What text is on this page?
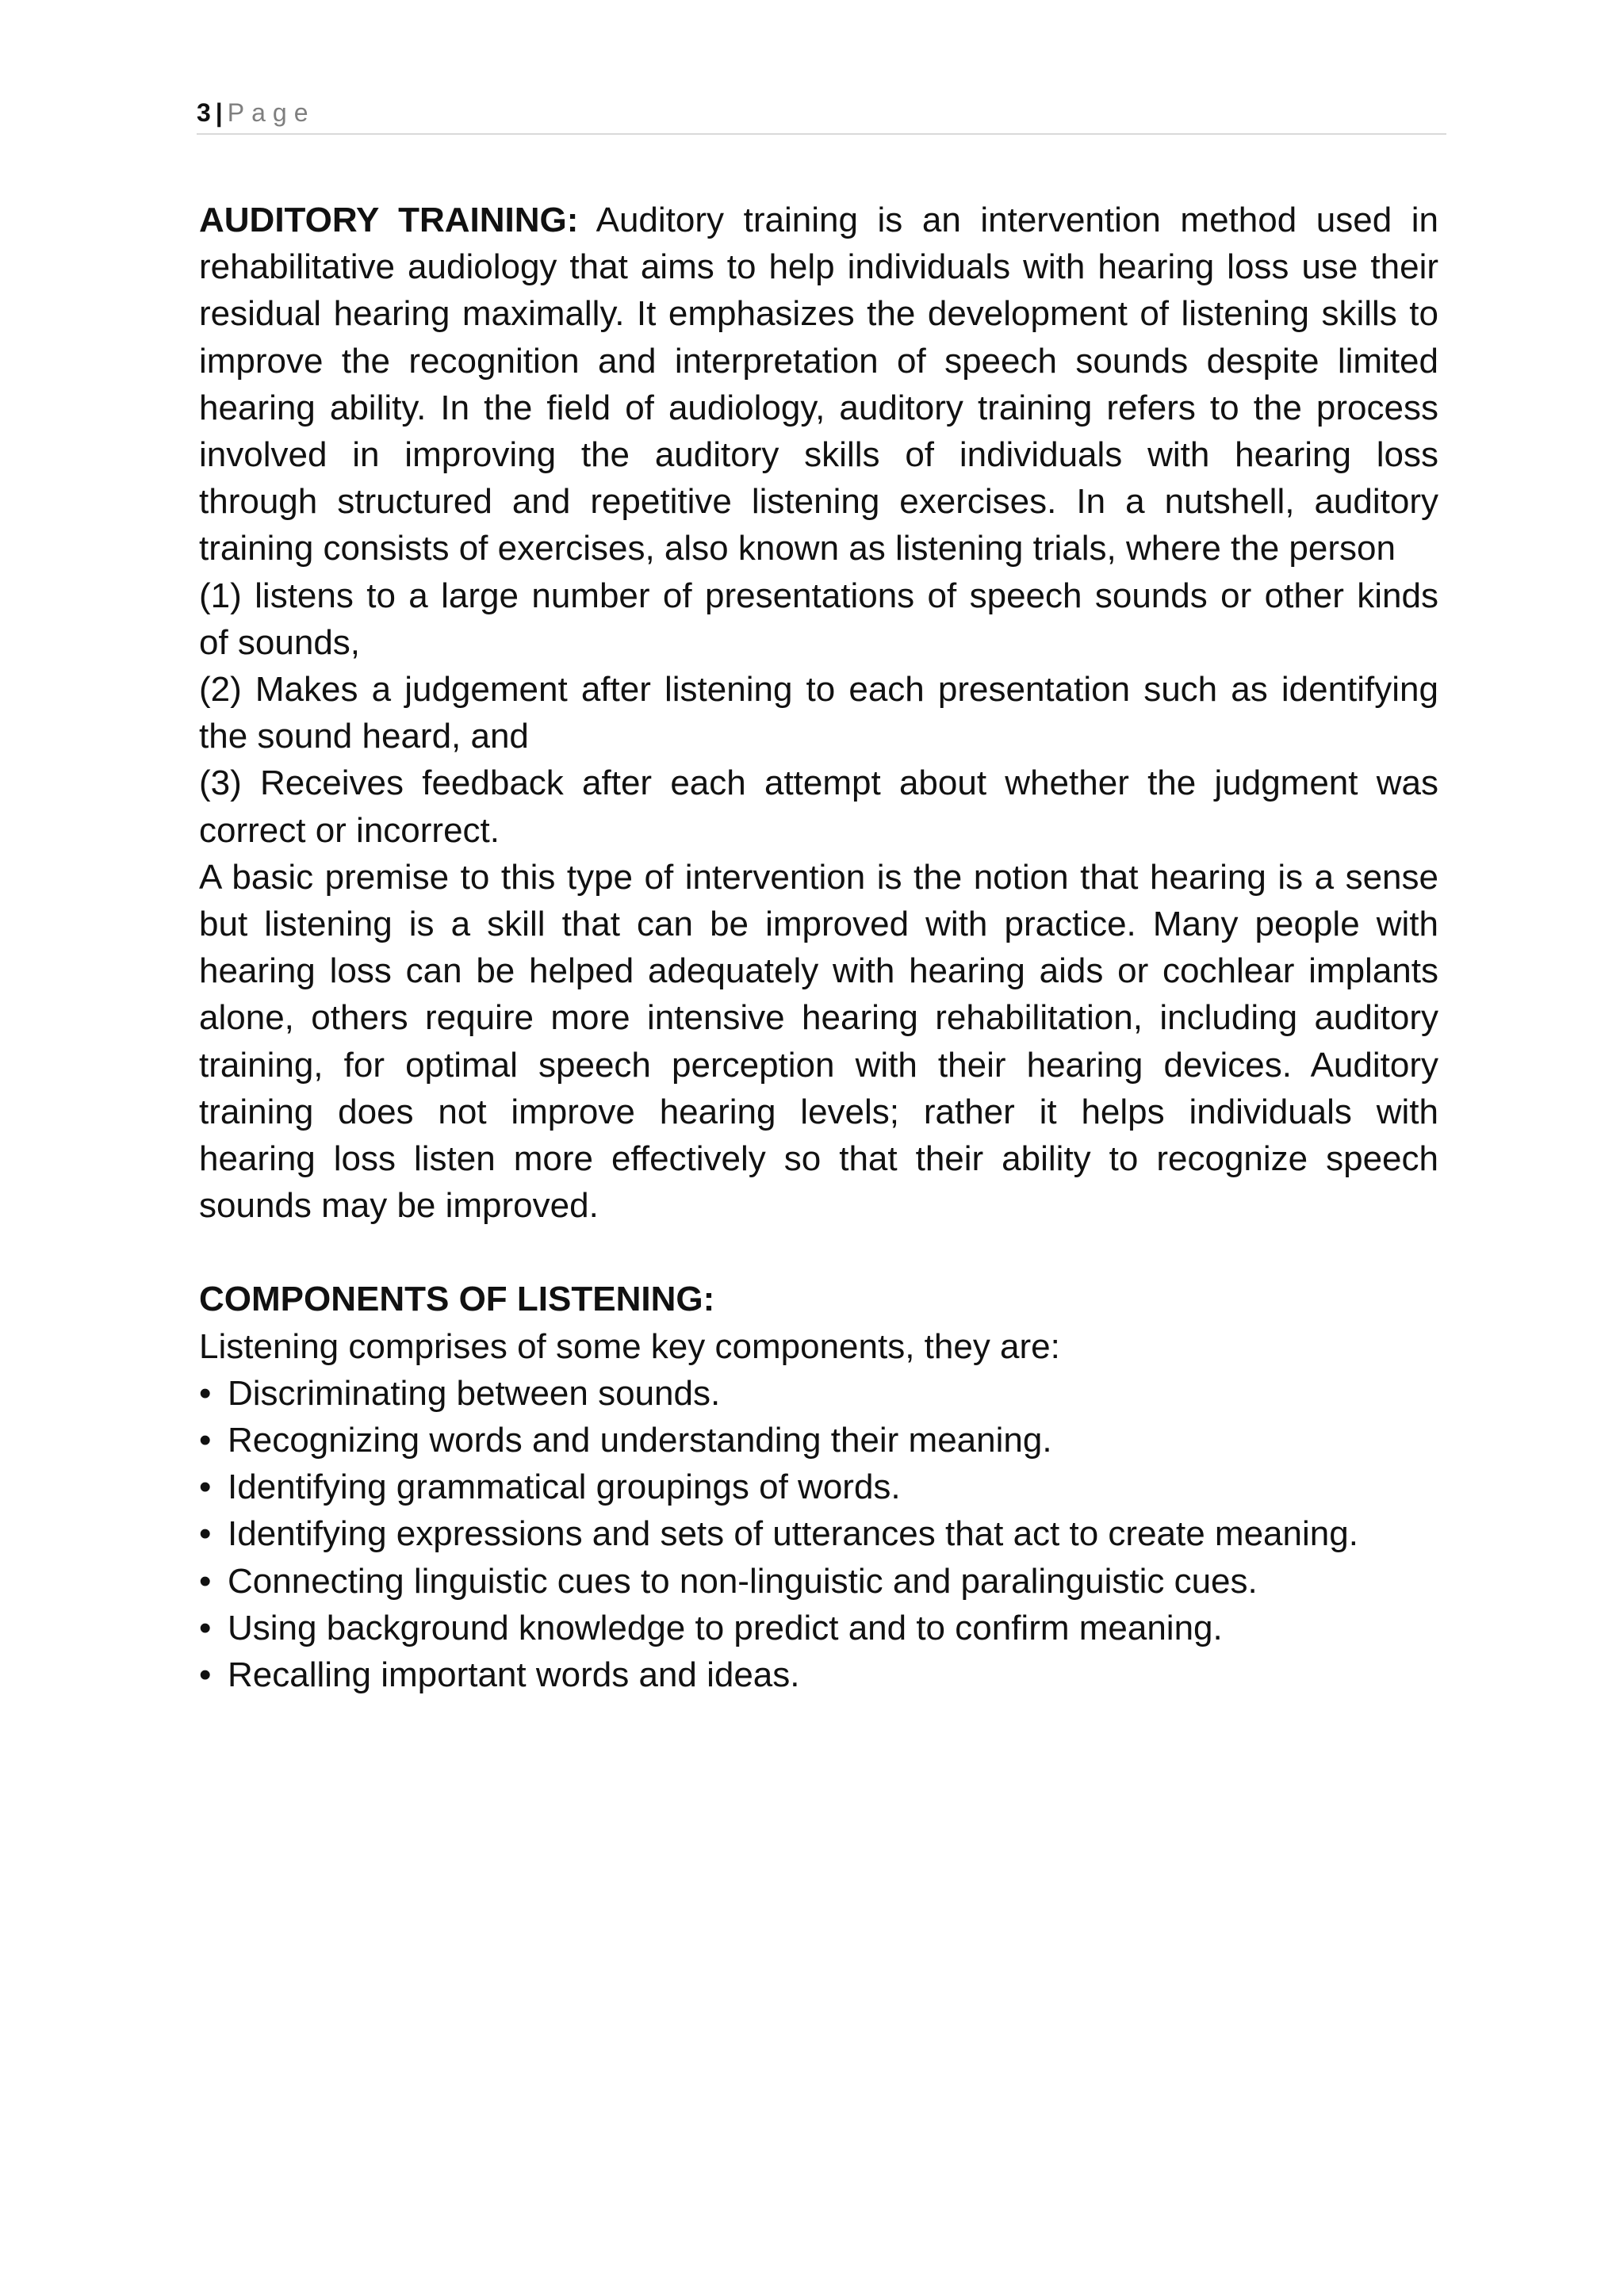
3 | Page

AUDITORY TRAINING: Auditory training is an intervention method used in

rehabilitative audiology that aims to help individuals with hearing loss use their

residual hearing maximally. It emphasizes the development of listening skills to

improve the recognition and interpretation of speech sounds despite limited

hearing ability. In the field of audiology, auditory training refers to the process

involved in improving the auditory skills of individuals with hearing loss

through structured and repetitive listening exercises. In a nutshell, auditory

training consists of exercises, also known as listening trials, where the person

(1) listens to a large number of presentations of speech sounds or other kinds

of sounds,

(2) Makes a judgement after listening to each presentation such as identifying

the sound heard, and

(3) Receives feedback after each attempt about whether the judgment was

correct or incorrect.

A basic premise to this type of intervention is the notion that hearing is a sense

but listening is a skill that can be improved with practice. Many people with

hearing loss can be helped adequately with hearing aids or cochlear implants

alone, others require more intensive hearing rehabilitation, including auditory

training, for optimal speech perception with their hearing devices. Auditory

training does not improve hearing levels; rather it helps individuals with

hearing loss listen more effectively so that their ability to recognize speech

sounds may be improved.

COMPONENTS OF LISTENING:

Listening comprises of some key components, they are:

• Discriminating between sounds.
• Recognizing words and understanding their meaning.
• Identifying grammatical groupings of words.
• Identifying expressions and sets of utterances that act to create meaning.
• Connecting linguistic cues to non-linguistic and paralinguistic cues.
• Using background knowledge to predict and to confirm meaning.
• Recalling important words and ideas.
